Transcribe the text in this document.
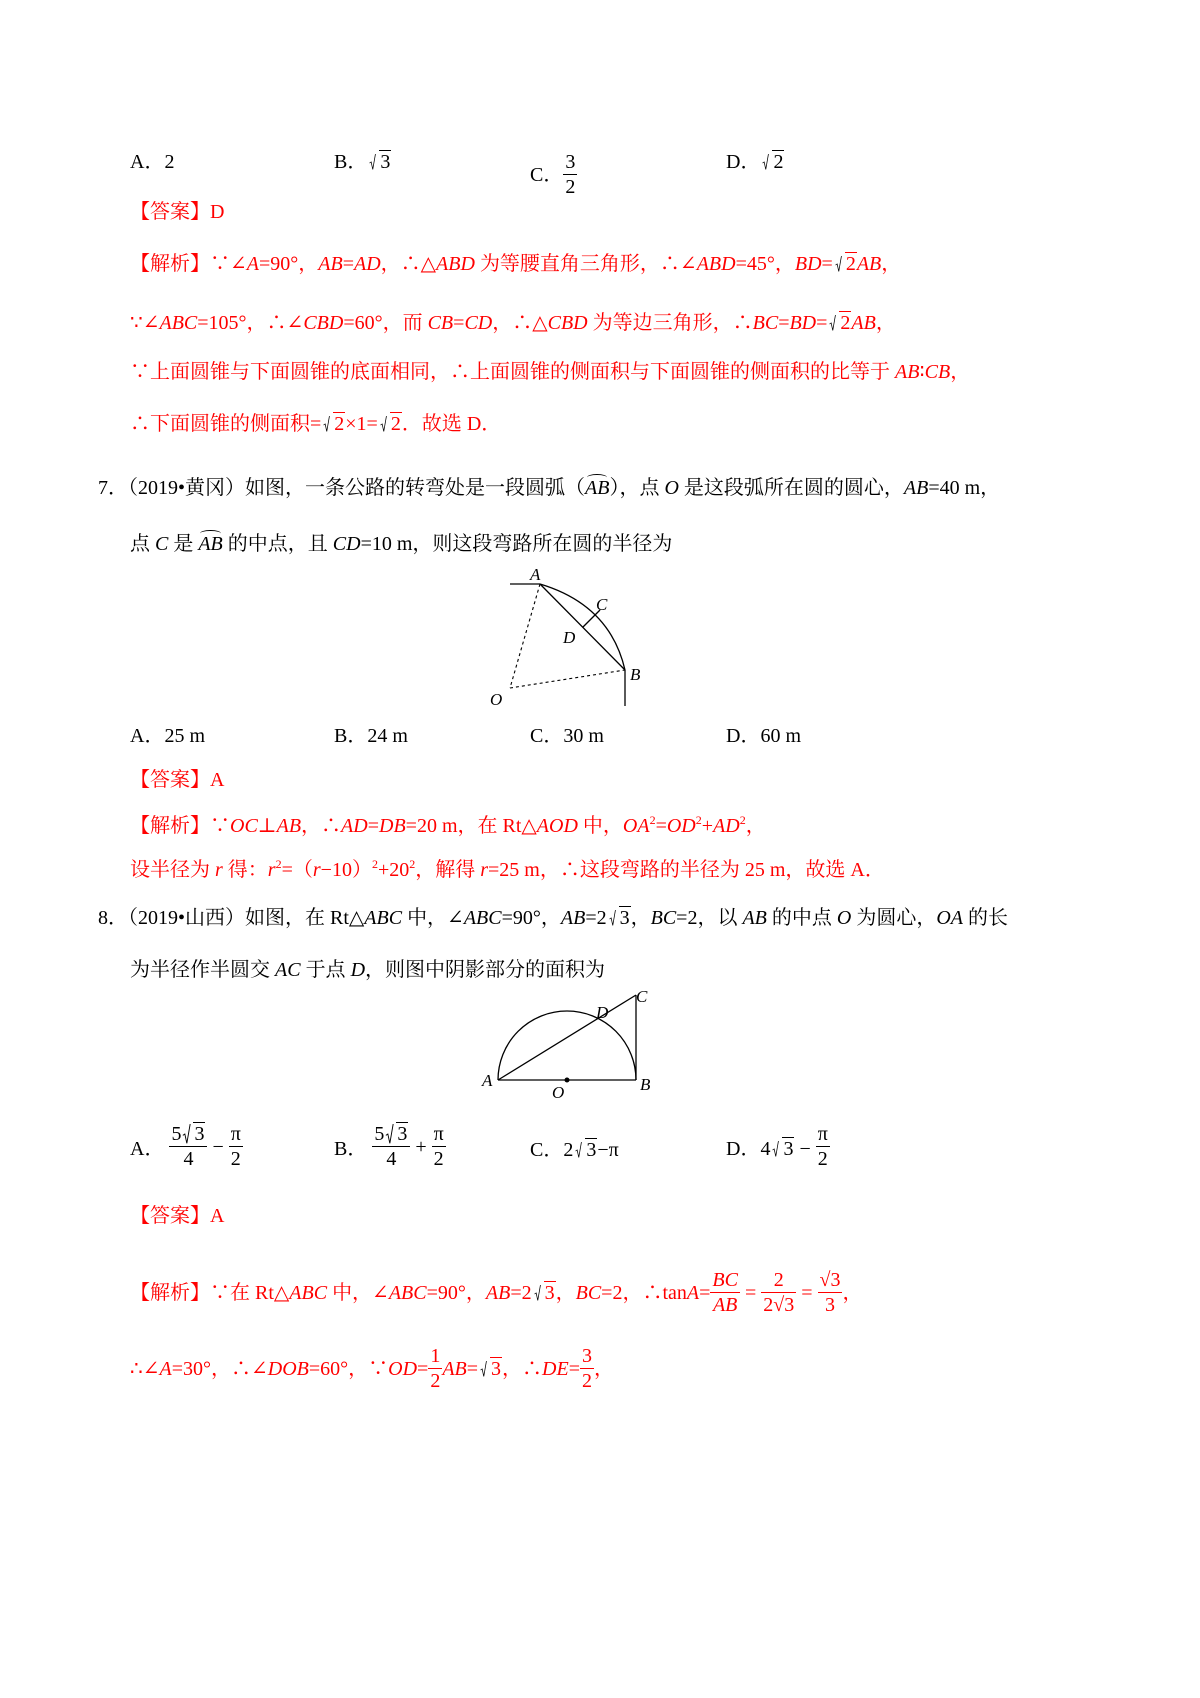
A．2	B． 3
C． $\frac{3}{2}$	D． 2
【答案】D
【解析】∵∠A=90°，AB=AD，∴△ABD 为等腰直角三角形，∴∠ABD=45°，BD= 2AB，
∵∠ABC=105°，∴∠CBD=60°，而 CB=CD，∴△CBD 为等边三角形，∴BC=BD= 2AB，
∵上面圆锥与下面圆锥的底面相同，∴上面圆锥的侧面积与下面圆锥的侧面积的比等于 AB∶CB，
∴下面圆锥的侧面积= 2×1= 2．故选 D．
7．（2019•黄冈）如图，一条公路的转弯处是一段圆弧（AB），点 O 是这段弧所在圆的圆心，AB=40 m，
点 C 是 AB 的中点，且 CD=10 m，则这段弯路所在圆的半径为
A
C
D
B
O
A．25 m	B．24 m	C．30 m	D．60 m
【答案】A
【解析】∵OC⊥AB，∴AD=DB=20 m，在 Rt△AOD 中，$OA^2=OD^2+AD^2$，
设半径为 r 得：$r^2=(r-10)^2+20^2$，解得 r=25 m，∴这段弯路的半径为 25 m，故选 A．
8．（2019•山西）如图，在 Rt△ABC 中，∠ABC=90°，AB=2 3，BC=2，以 AB 的中点 O 为圆心，OA 的长
为半径作半圆交 AC 于点 D，则图中阴影部分的面积为
A	B
C
D
O
A． $\frac{5 3}{4} - \frac{\pi}{2}$	B． $\frac{5 3}{4} + \frac{\pi}{2}$	C．2 3−π	D．4 $3 - \frac{\pi}{2}$
【答案】A
【解析】∵在 Rt△ABC 中，∠ABC=90°，AB=2 3，BC=2，∴tanA= $\frac{BC}{AB} = \frac{2}{2√3} = \frac{√3}{3}$ ，
∴∠A=30°，∴∠DOB=60°，∵OD= $\frac{1}{2} AB= 3$，∴DE= $\frac{3}{2}$ ，
